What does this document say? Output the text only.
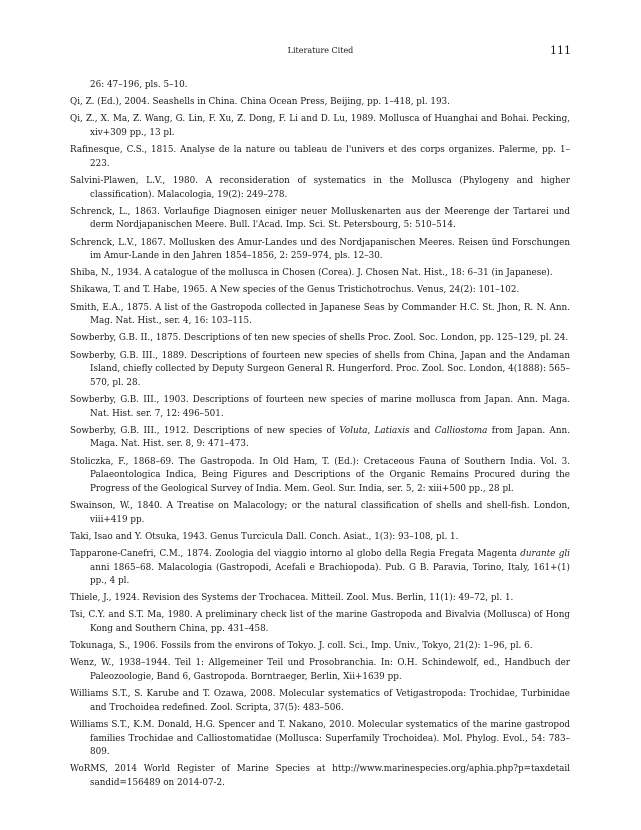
Literature Cited	111

26: 47–196, pls. 5–10.

Qi, Z. (Ed.), 2004. Seashells in China. China Ocean Press, Beijing, pp. 1–418, pl. 193.

Qi, Z., X. Ma, Z. Wang, G. Lin, F. Xu, Z. Dong, F. Li and D. Lu, 1989. Mollusca of Huanghai and Bohai. Pecking, xiv+309 pp., 13 pl.

Rafinesque, C.S., 1815. Analyse de la nature ou tableau de l'univers et des corps organizes. Palerme, pp. 1–223.

Salvini-Plawen, L.V., 1980. A reconsideration of systematics in the Mollusca (Phylogeny and higher classification). Malacologia, 19(2): 249–278.

Schrenck, L., 1863. Vorlaufige Diagnosen einiger neuer Molluskenarten aus der Meerenge der Tartarei und derm Nordjapanischen Meere. Bull. l'Acad. Imp. Sci. St. Petersbourg, 5: 510–514.

Schrenck, L.V., 1867. Mollusken des Amur-Landes und des Nordjapanischen Meeres. Reisen ünd Forschungen im Amur-Lande in den Jahren 1854–1856, 2: 259–974, pls. 12–30.

Shiba, N., 1934. A catalogue of the mollusca in Chosen (Corea). J. Chosen Nat. Hist., 18: 6–31 (in Japanese).

Shikawa, T. and T. Habe, 1965. A New species of the Genus Tristichotrochus. Venus, 24(2): 101–102.

Smith, E.A., 1875. A list of the Gastropoda collected in Japanese Seas by Commander H.C. St. Jhon, R. N. Ann. Mag. Nat. Hist., ser. 4, 16: 103–115.

Sowberby, G.B. II., 1875. Descriptions of ten new species of shells Proc. Zool. Soc. London, pp. 125–129, pl. 24.

Sowberby, G.B. III., 1889. Descriptions of fourteen new species of shells from China, Japan and the Andaman Island, chiefly collected by Deputy Surgeon General R. Hungerford. Proc. Zool. Soc. London, 4(1888): 565–570, pl. 28.

Sowberby, G.B. III., 1903. Descriptions of fourteen new species of marine mollusca from Japan. Ann. Maga. Nat. Hist. ser. 7, 12: 496–501.

Sowberby, G.B. III., 1912. Descriptions of new species of Voluta, Latiaxis and Calliostoma from Japan. Ann. Maga. Nat. Hist. ser. 8, 9: 471–473.

Stoliczka, F., 1868–69. The Gastropoda. In Old Ham, T. (Ed.): Cretaceous Fauna of Southern India. Vol. 3. Palaeontologica Indica, Being Figures and Descriptions of the Organic Remains Procured during the Progress of the Geological Survey of India. Mem. Geol. Sur. India, ser. 5, 2: xiii+500 pp., 28 pl.

Swainson, W., 1840. A Treatise on Malacology; or the natural classification of shells and shell-fish. London, viii+419 pp.

Taki, Isao and Y. Otsuka, 1943. Genus Turcicula Dall. Conch. Asiat., 1(3): 93–108, pl. 1.

Tapparone-Canefri, C.M., 1874. Zoologia del viaggio intorno al globo della Regia Fregata Magenta durante gli anni 1865–68. Malacologia (Gastropodi, Acefali e Brachiopoda). Pub. G B. Paravia, Torino, Italy, 161+(1) pp., 4 pl.

Thiele, J., 1924. Revision des Systems der Trochacea. Mitteil. Zool. Mus. Berlin, 11(1): 49–72, pl. 1.

Tsi, C.Y. and S.T. Ma, 1980. A preliminary check list of the marine Gastropoda and Bivalvia (Mollusca) of Hong Kong and Southern China, pp. 431–458.

Tokunaga, S., 1906. Fossils from the environs of Tokyo. J. coll. Sci., Imp. Univ., Tokyo, 21(2): 1–96, pl. 6.

Wenz, W., 1938–1944. Teil 1: Allgemeiner Teil und Prosobranchia. In: O.H. Schindewolf, ed., Handbuch der Paleozoologie, Band 6, Gastropoda. Borntraeger, Berlin, Xii+1639 pp.

Williams S.T., S. Karube and T. Ozawa, 2008. Molecular systematics of Vetigastropoda: Trochidae, Turbinidae and Trochoidea redefined. Zool. Scripta, 37(5): 483–506.

Williams S.T., K.M. Donald, H.G. Spencer and T. Nakano, 2010. Molecular systematics of the marine gastropod families Trochidae and Calliostomatidae (Mollusca: Superfamily Trochoidea). Mol. Phylog. Evol., 54: 783–809.

WoRMS, 2014 World Register of Marine Species at http://www.marinespecies.org/aphia.php?p=taxdetail sandid=156489 on 2014-07-2.
